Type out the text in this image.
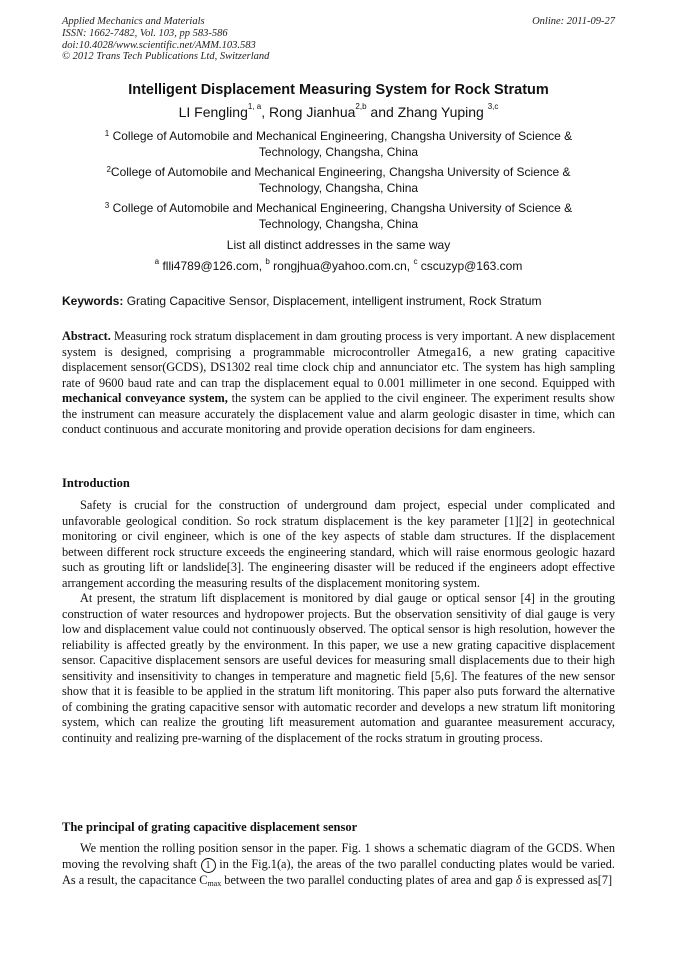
Applied Mechanics and Materials
ISSN: 1662-7482, Vol. 103, pp 583-586
doi:10.4028/www.scientific.net/AMM.103.583
© 2012 Trans Tech Publications Ltd, Switzerland
Online: 2011-09-27
Intelligent Displacement Measuring System for Rock Stratum
LI Fengling$^{1, a}$, Rong Jianhua$^{2,b}$ and Zhang Yuping $^{3,c}$
$^1$ College of Automobile and Mechanical Engineering, Changsha University of Science &
Technology, Changsha, China
$^2$College of Automobile and Mechanical Engineering, Changsha University of Science &
Technology, Changsha, China
$^3$ College of Automobile and Mechanical Engineering, Changsha University of Science &
Technology, Changsha, China
List all distinct addresses in the same way
$^a$ flli4789@126.com, $^b$ rongjhua@yahoo.com.cn, $^c$ cscuzyp@163.com
Keywords: Grating Capacitive Sensor, Displacement, intelligent instrument, Rock Stratum

Abstract. Measuring rock stratum displacement in dam grouting process is very important. A new displacement system is designed, comprising a programmable microcontroller Atmega16, a new grating capacitive displacement sensor(GCDS), DS1302 real time clock chip and annunciator etc. The system has high sampling rate of 9600 baud rate and can trap the displacement equal to 0.001 millimeter in one second. Equipped with mechanical conveyance system, the system can be applied to the civil engineer. The experiment results show the instrument can measure accurately the displacement value and alarm geologic disaster in time, which can conduct continuous and accurate monitoring and provide operation decisions for dam engineers.

Introduction

Safety is crucial for the construction of underground dam project, especial under complicated and unfavorable geological condition. So rock stratum displacement is the key parameter [1][2] in geotechnical monitoring or civil engineer, which is one of the key aspects of stable dam structures. If the displacement between different rock structure exceeds the engineering standard, which will raise enormous geologic hazard such as grouting lift or landslide[3]. The engineering disaster will be reduced if the engineers adopt effective arrangement according the measuring results of the displacement monitoring system.

At present, the stratum lift displacement is monitored by dial gauge or optical sensor [4] in the grouting construction of water resources and hydropower projects. But the observation sensitivity of dial gauge is very low and displacement value could not continuously observed. The optical sensor is high resolution, however the reliability is affected greatly by the environment. In this paper, we use a new grating capacitive displacement sensor. Capacitive displacement sensors are useful devices for measuring small displacements due to their high sensitivity and insensitivity to changes in temperature and magnetic field [5,6]. The features of the new sensor show that it is feasible to be applied in the stratum lift monitoring. This paper also puts forward the alternative of combining the grating capacitive sensor with automatic recorder and develops a new stratum lift monitoring system, which can realize the grouting lift measurement automation and guarantee measurement accuracy, continuity and realizing pre-warning of the displacement of the rocks stratum in grouting process.

The principal of grating capacitive displacement sensor

We mention the rolling position sensor in the paper. Fig. 1 shows a schematic diagram of the GCDS. When moving the revolving shaft 1 in the Fig.1(a), the areas of the two parallel conducting plates would be varied. As a result, the capacitance Cmax between the two parallel conducting plates of area and gap δ is expressed as[7]
